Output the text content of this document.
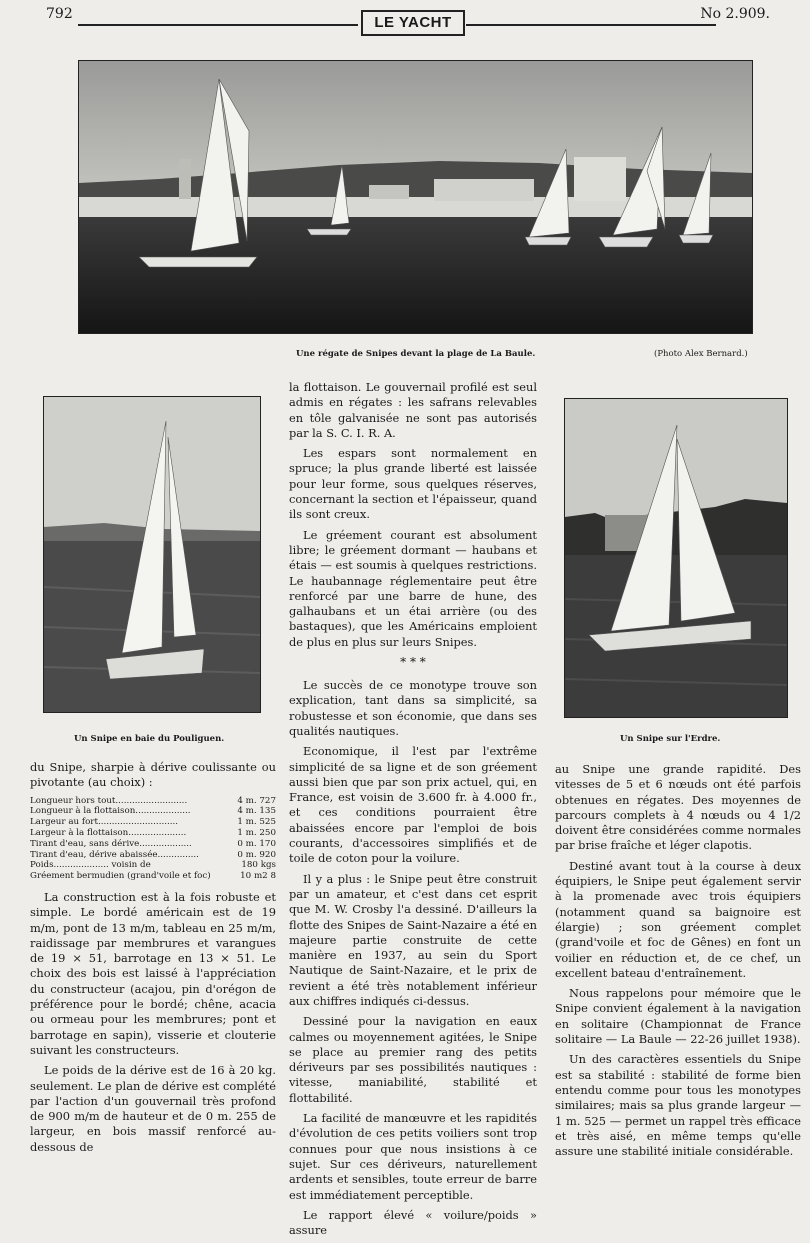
792	LE YACHT	No 2.909.
Une régate de Snipes devant la plage de La Baule.	(Photo Alex Bernard.)
Un Snipe en baie du Pouliguen.	Un Snipe sur l'Erdre.

du Snipe, sharpie à dérive coulissante ou pivotante (au choix) :

Longueur hors tout..........................	4 m. 727
Longueur à la flottaison....................	4 m. 135
Largeur au fort.............................	1 m. 525
Largeur à la flottaison.....................	1 m. 250
Tirant d'eau, sans dérive...................	0 m. 170
Tirant d'eau, dérive abaissée...............	0 m. 920
Poids.................... voisin de	180 kgs
Gréement bermudien (grand'voile et foc)	10 m2 8

La construction est à la fois robuste et simple. Le bordé américain est de 19 m/m, pont de 13 m/m, tableau en 25 m/m, raidissage par membrures et varangues de 19 × 51, barrotage en 13 × 51. Le choix des bois est laissé à l'appréciation du constructeur (acajou, pin d'orégon de préférence pour le bordé; chêne, acacia ou ormeau pour les membrures; pont et barrotage en sapin), visserie et clouterie suivant les constructeurs.

Le poids de la dérive est de 16 à 20 kg. seulement. Le plan de dérive est complété par l'action d'un gouvernail très profond de 900 m/m de hauteur et de 0 m. 255 de largeur, en bois massif renforcé au-dessous de

la flottaison. Le gouvernail profilé est seul admis en régates : les safrans relevables en tôle galvanisée ne sont pas autorisés par la S. C. I. R. A.

Les espars sont normalement en spruce; la plus grande liberté est laissée pour leur forme, sous quelques réserves, concernant la section et l'épaisseur, quand ils sont creux.

Le gréement courant est absolument libre; le gréement dormant — haubans et étais — est soumis à quelques restrictions. Le haubannage réglementaire peut être renforcé par une barre de hune, des galhaubans et un étai arrière (ou des bastaques), que les Américains emploient de plus en plus sur leurs Snipes.

* * *

Le succès de ce monotype trouve son explication, tant dans sa simplicité, sa robustesse et son économie, que dans ses qualités nautiques.

Economique, il l'est par l'extrême simplicité de sa ligne et de son gréement aussi bien que par son prix actuel, qui, en France, est voisin de 3.600 fr. à 4.000 fr., et ces conditions pourraient être abaissées encore par l'emploi de bois courants, d'accessoires simplifiés et de toile de coton pour la voilure.

Il y a plus : le Snipe peut être construit par un amateur, et c'est dans cet esprit que M. W. Crosby l'a dessiné. D'ailleurs la flotte des Snipes de Saint-Nazaire a été en majeure partie construite de cette manière en 1937, au sein du Sport Nautique de Saint-Nazaire, et le prix de revient a été très notablement inférieur aux chiffres indiqués ci-dessus.

Dessiné pour la navigation en eaux calmes ou moyennement agitées, le Snipe se place au premier rang des petits dériveurs par ses possibilités nautiques : vitesse, maniabilité, stabilité et flottabilité.

La facilité de manœuvre et les rapidités d'évolution de ces petits voiliers sont trop connues pour que nous insistions à ce sujet. Sur ces dériveurs, naturellement ardents et sensibles, toute erreur de barre est immédiatement perceptible.

Le rapport élevé « voilure/poids » assure

au Snipe une grande rapidité. Des vitesses de 5 et 6 nœuds ont été parfois obtenues en régates. Des moyennes de parcours complets à 4 nœuds ou 4 1/2 doivent être considérées comme normales par brise fraîche et léger clapotis.

Destiné avant tout à la course à deux équipiers, le Snipe peut également servir à la promenade avec trois équipiers (notamment quand sa baignoire est élargie) ; son gréement complet (grand'voile et foc de Gênes) en font un voilier en réduction et, de ce chef, un excellent bateau d'entraînement.

Nous rappelons pour mémoire que le Snipe convient également à la navigation en solitaire (Championnat de France solitaire — La Baule — 22-26 juillet 1938).

Un des caractères essentiels du Snipe est sa stabilité : stabilité de forme bien entendu comme pour tous les monotypes similaires; mais sa plus grande largeur — 1 m. 525 — permet un rappel très efficace et très aisé, en même temps qu'elle assure une stabilité initiale considérable.
